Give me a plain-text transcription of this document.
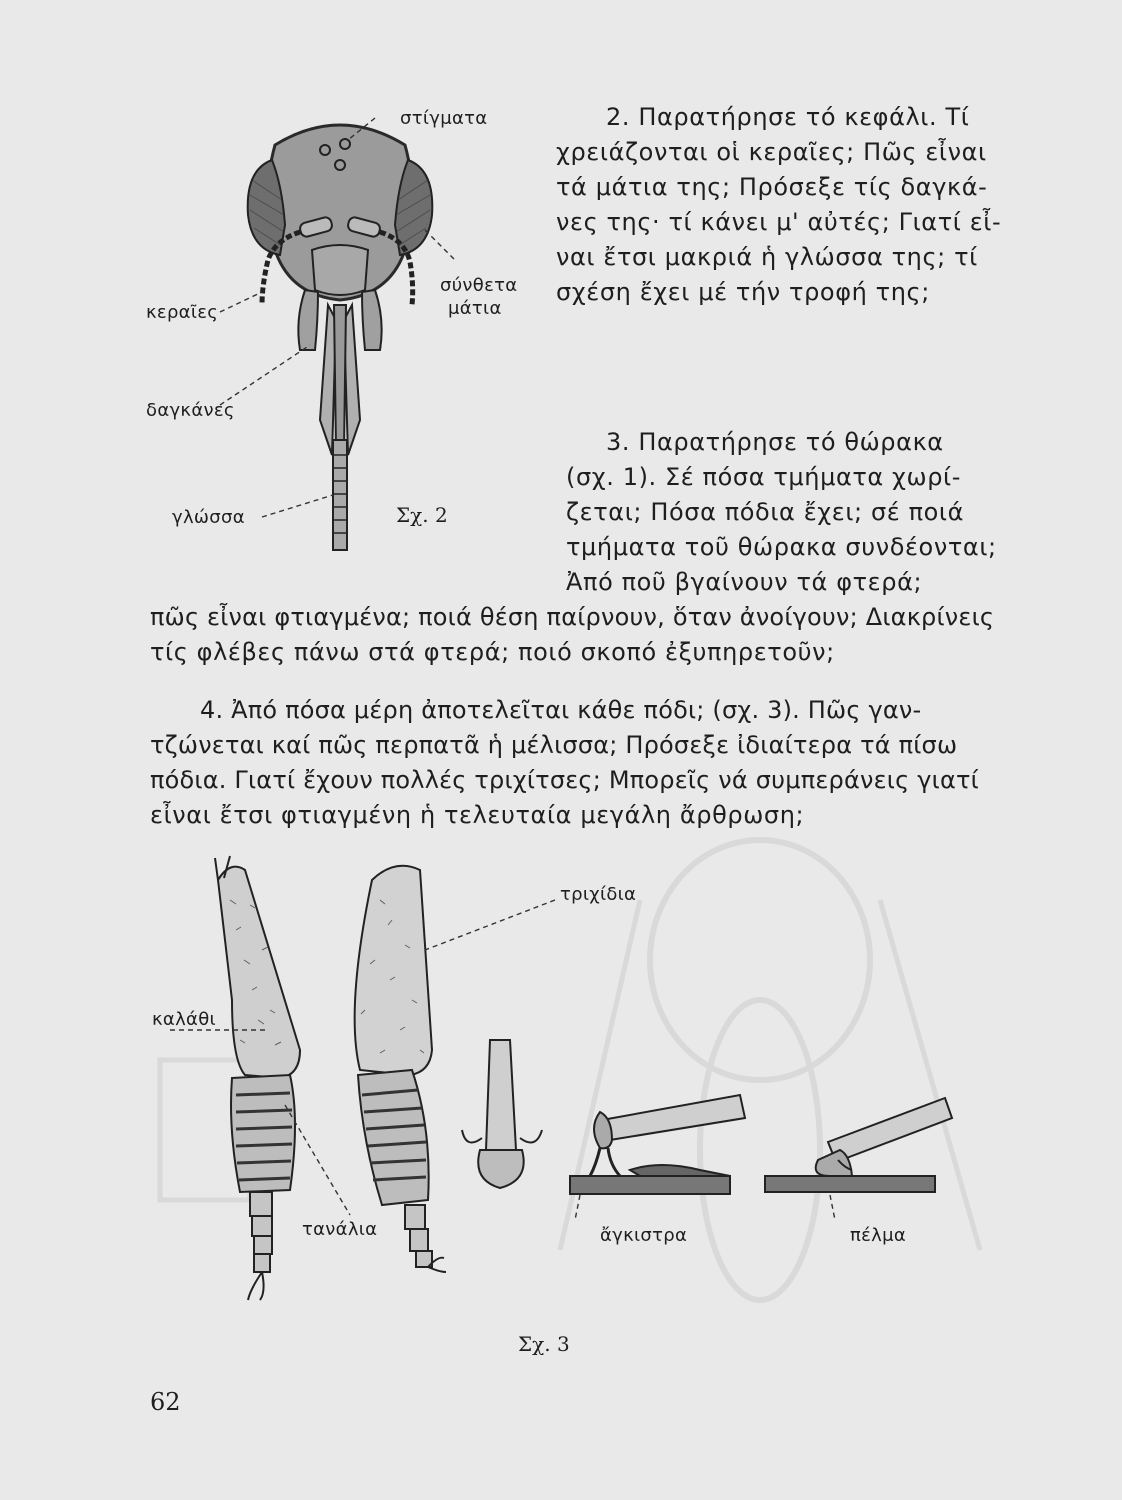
στίγματα
σύνθετα
μάτια
κεραῖες
δαγκάνες
γλώσσα	Σχ. 2
2. Παρατήρησε τό κεφάλι. Τί
χρειάζονται οἱ κεραῖες; Πῶς εἶναι
τά μάτια της; Πρόσεξε τίς δαγκά-
νες της· τί κάνει μ' αὐτές; Γιατί εἶ-
ναι ἔτσι μακριά ἡ γλώσσα της; τί
σχέση ἔχει μέ τήν τροφή της;
3. Παρατήρησε τό θώρακα
(σχ. 1). Σέ πόσα τμήματα χωρί-
ζεται; Πόσα πόδια ἔχει; σέ ποιά
τμήματα τοῦ θώρακα συνδέονται;
Ἀπό ποῦ βγαίνουν τά φτερά;
πῶς εἶναι φτιαγμένα; ποιά θέση παίρνουν, ὅταν ἀνοίγουν; Διακρίνεις
τίς φλέβες πάνω στά φτερά; ποιό σκοπό ἐξυπηρετοῦν;
4. Ἀπό πόσα μέρη ἀποτελεῖται κάθε πόδι; (σχ. 3). Πῶς γαν-
τζώνεται καί πῶς περπατᾶ ἡ μέλισσα; Πρόσεξε ἰδιαίτερα τά πίσω
πόδια. Γιατί ἔχουν πολλές τριχίτσες; Μπορεῖς νά συμπεράνεις γιατί
εἶναι ἔτσι φτιαγμένη ἡ τελευταία μεγάλη ἄρθρωση;
τριχίδια
καλάθι
τανάλια	ἄγκιστρα	πέλμα
Σχ. 3
62
